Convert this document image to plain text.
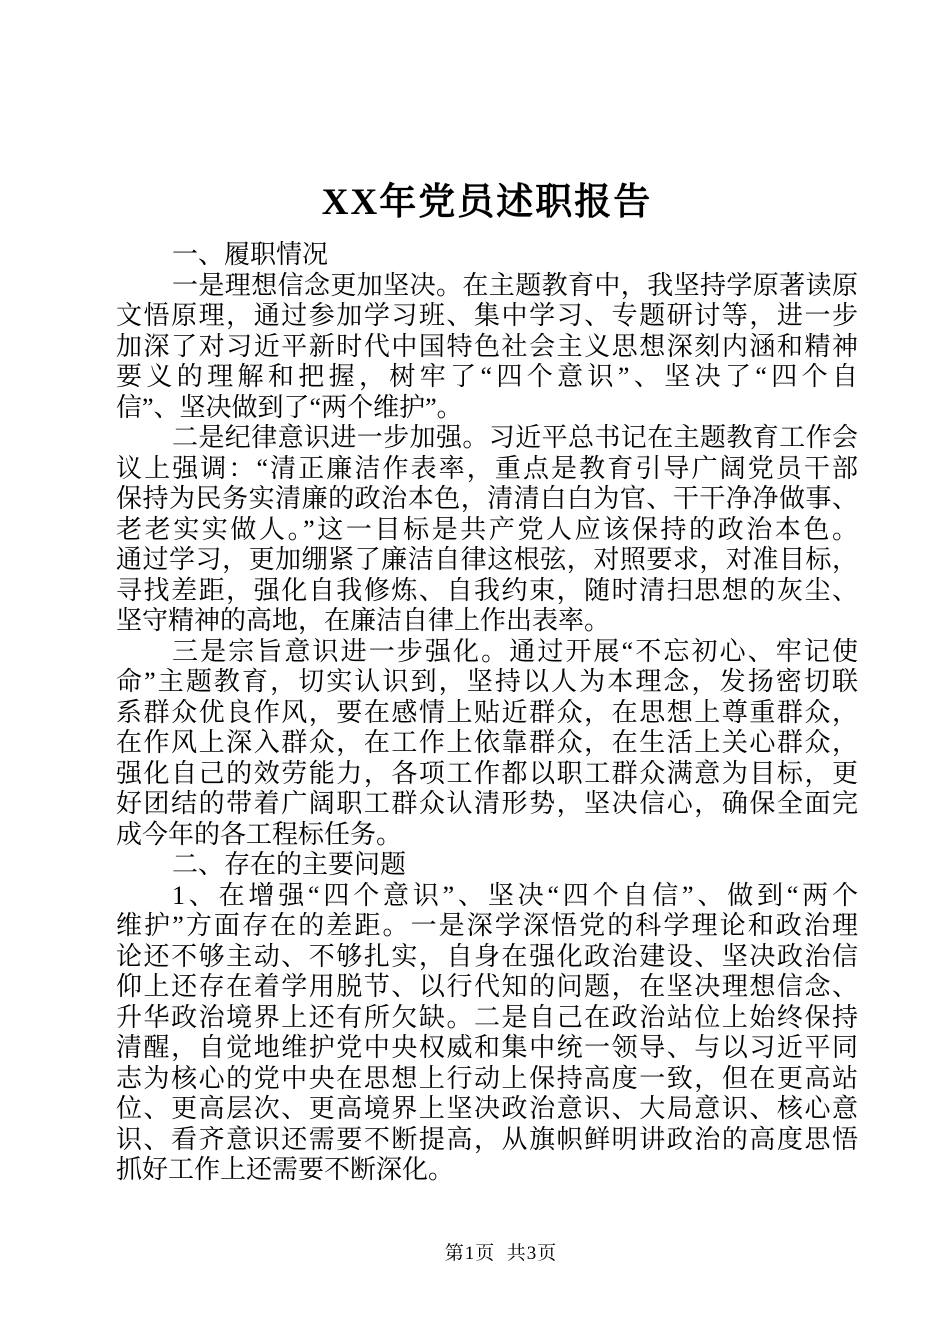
XX年党员述职报告
一、履职情况
一是理想信念更加坚决。在主题教育中，我坚持学原著读原
文悟原理，通过参加学习班、集中学习、专题研讨等，进一步
加深了对习近平新时代中国特色社会主义思想深刻内涵和精神
要义的理解和把握，树牢了“四个意识”、坚决了“四个自
信”、坚决做到了“两个维护”。
二是纪律意识进一步加强。习近平总书记在主题教育工作会
议上强调：“清正廉洁作表率，重点是教育引导广阔党员干部
保持为民务实清廉的政治本色，清清白白为官、干干净净做事、
老老实实做人。”这一目标是共产党人应该保持的政治本色。
通过学习，更加绷紧了廉洁自律这根弦，对照要求，对准目标，
寻找差距，强化自我修炼、自我约束，随时清扫思想的灰尘、
坚守精神的高地，在廉洁自律上作出表率。
三是宗旨意识进一步强化。通过开展“不忘初心、牢记使
命”主题教育，切实认识到，坚持以人为本理念，发扬密切联
系群众优良作风，要在感情上贴近群众，在思想上尊重群众，
在作风上深入群众，在工作上依靠群众，在生活上关心群众，
强化自己的效劳能力，各项工作都以职工群众满意为目标，更
好团结的带着广阔职工群众认清形势，坚决信心，确保全面完
成今年的各工程标任务。
二、存在的主要问题
1、在增强“四个意识”、坚决“四个自信”、做到“两个
维护”方面存在的差距。一是深学深悟党的科学理论和政治理
论还不够主动、不够扎实，自身在强化政治建设、坚决政治信
仰上还存在着学用脱节、以行代知的问题，在坚决理想信念、
升华政治境界上还有所欠缺。二是自己在政治站位上始终保持
清醒，自觉地维护党中央权威和集中统一领导、与以习近平同
志为核心的党中央在思想上行动上保持高度一致，但在更高站
位、更高层次、更高境界上坚决政治意识、大局意识、核心意
识、看齐意识还需要不断提高，从旗帜鲜明讲政治的高度思悟
抓好工作上还需要不断深化。
第1页  共3页
